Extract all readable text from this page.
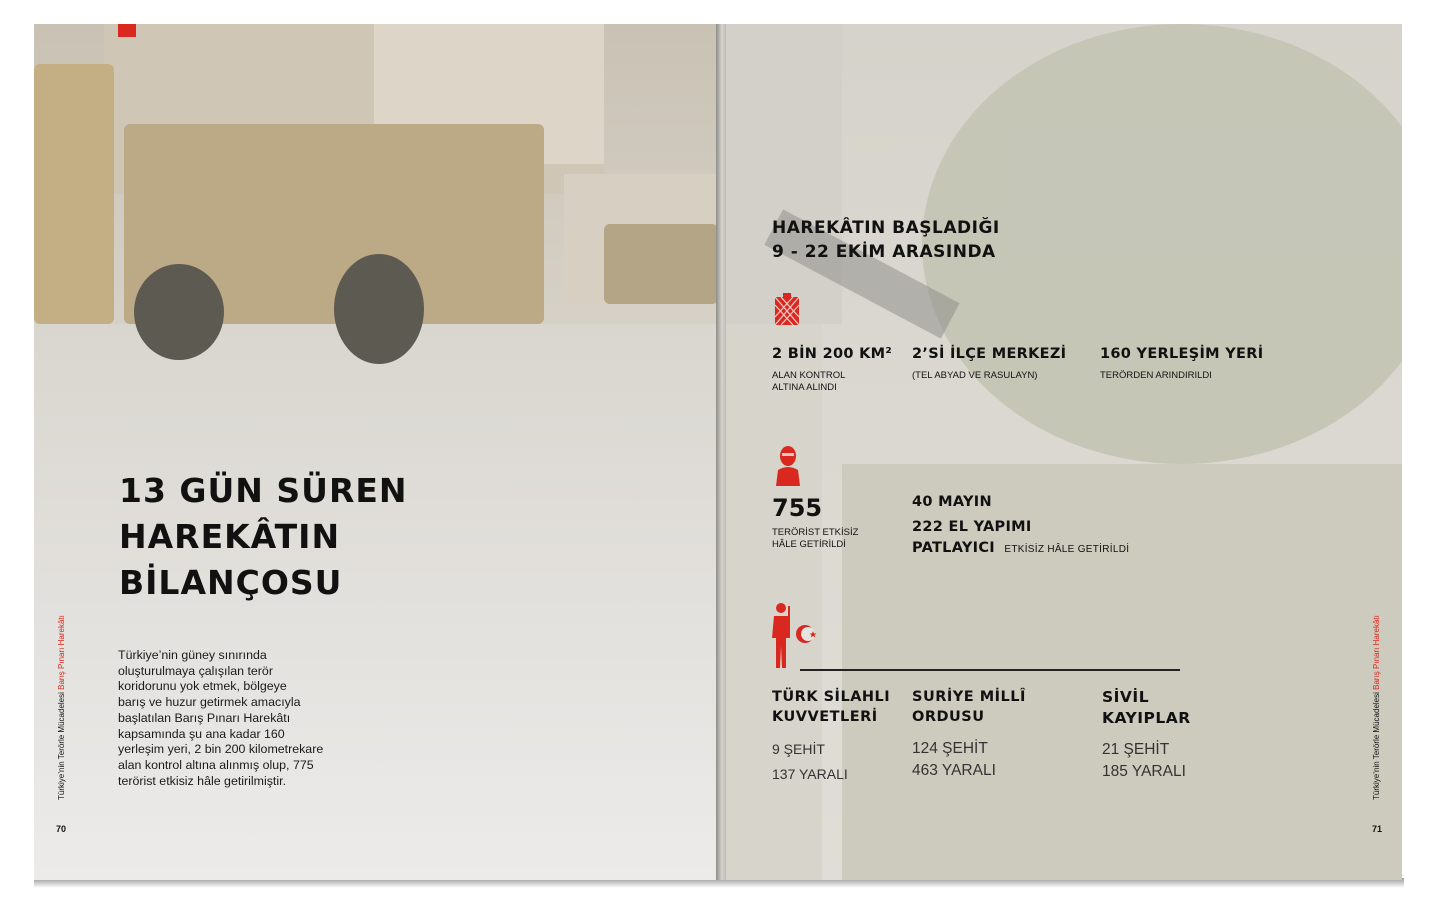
13 GÜN SÜREN
HAREKÂTIN
BİLANÇOSU
Türkiye’nin güney sınırında
oluşturulmaya çalışılan terör
koridorunu yok etmek, bölgeye
barış ve huzur getirmek amacıyla
başlatılan Barış Pınarı Harekâtı
kapsamında şu ana kadar 160
yerleşim yeri, 2 bin 200 kilometrekare
alan kontrol altına alınmış olup, 775
terörist etkisiz hâle getirilmiştir.
Türkiye’nin Terörle Mücadelesi Barış Pınarı Harekâtı
70
HAREKÂTIN BAŞLADIĞI
9 - 22 EKİM ARASINDA
2 BİN 200 KM²
ALAN KONTROL
ALTINA ALINDI
2’Sİ İLÇE MERKEZİ
(TEL ABYAD VE RASULAYN)
160 YERLEŞİM YERİ
TERÖRDEN ARINDIRILDI
755
TERÖRİST ETKİSİZ
HÂLE GETİRİLDİ
40 MAYIN
222 EL YAPIMI
PATLAYICI ETKİSİZ HÂLE GETİRİLDİ
TÜRK SİLAHLI
KUVVETLERİ
9 ŞEHİT
137 YARALI
SURİYE MİLLÎ
ORDUSU
124 ŞEHİT
463 YARALI
SİVİL
KAYIPLAR
21 ŞEHİT
185 YARALI	Türkiye’nin Terörle Mücadelesi Barış Pınarı Harekâtı
71
